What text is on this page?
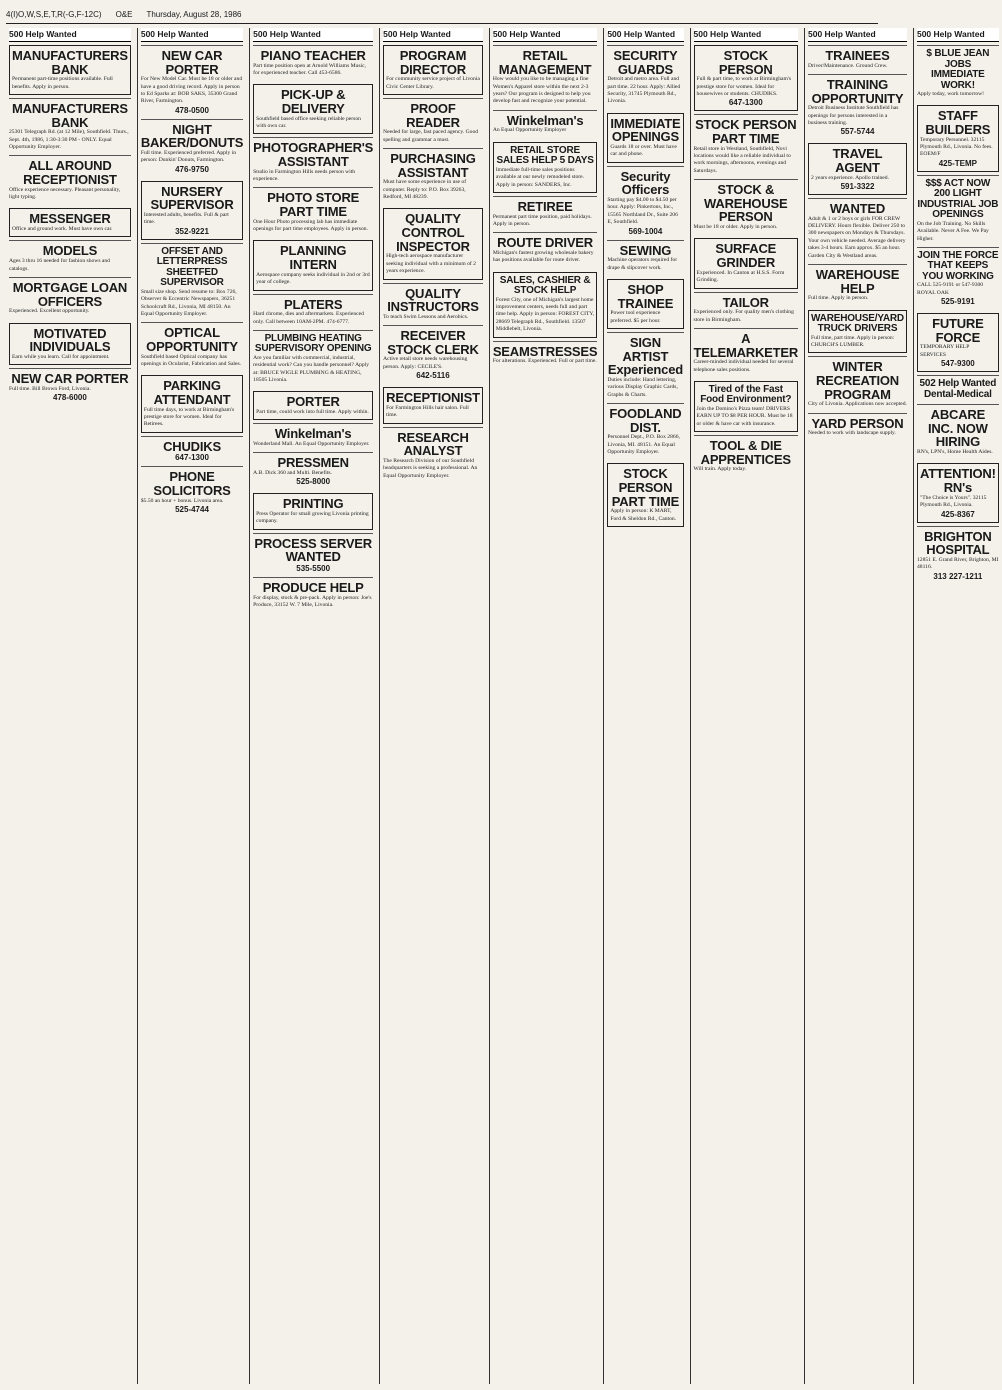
4(I)O,W,S,E,T,R(-G,F-12C) O&E Thursday, August 28, 1986
500 Help Wanted
MANUFACTURERS BANK

Permanent part-time positions available. Full benefits. Apply in person.

MANUFACTURERS BANK

25301 Telegraph Rd. (at 12 Mile), Southfield. Thurs., Sept. 4th, 1986, 1:30-3:30 PM - ONLY. Equal Opportunity Employer.

ALL AROUND RECEPTIONIST

Office experience necessary. Pleasant personality, light typing.

MESSENGER

Office and ground work. Must have own car.

MODELS

Ages 3 thru 16 needed for fashion shows and catalogs.

MORTGAGE LOAN OFFICERS

Experienced. Excellent opportunity.

MOTIVATED INDIVIDUALS

Earn while you learn. Call for appointment.

NEW CAR PORTER

Full time. Bill Brown Ford, Livonia.

478-6000
500 Help Wanted
NEW CAR PORTER

For New Model Car. Must be 18 or older and have a good driving record. Apply in person to Ed Sparks at: BOB SAKS, 35300 Grand River, Farmington.

478-0500
NIGHT BAKER/DONUTS

Full time. Experienced preferred. Apply in person: Dunkin' Donuts, Farmington.

476-9750
NURSERY SUPERVISOR

Interested adults, benefits. Full & part time.

352-9221
OFFSET AND LETTERPRESS SHEETFED SUPERVISOR

Small size shop. Send resume to: Box 726, Observer & Eccentric Newspapers, 36251 Schoolcraft Rd., Livonia, MI 48150. An Equal Opportunity Employer.

OPTICAL OPPORTUNITY

Southfield based Optical company has openings in Ocularist, Fabrication and Sales.

PARKING ATTENDANT

Full time days, to work at Birmingham's prestige store for women. Ideal for Retirees.

CHUDIKS
647-1300
PHONE SOLICITORS

$5.50 an hour + bonus. Livonia area.

525-4744
500 Help Wanted
PIANO TEACHER

Part time position open at Arnold Williams Music, for experienced teacher. Call 453-6586.

PICK-UP & DELIVERY

Southfield based office seeking reliable person with own car.

PHOTOGRAPHER'S ASSISTANT

Studio in Farmington Hills needs person with experience.

PHOTO STORE PART TIME

One Hour Photo processing lab has immediate openings for part time employees. Apply in person.

PLANNING INTERN

Aerospace company seeks individual in 2nd or 3rd year of college.

PLATERS

Hard chrome, dies and aftermarkets. Experienced only. Call between 10AM-2PM. 474-6777.

PLUMBING HEATING SUPERVISORY OPENING

Are you familiar with commercial, industrial, residential work? Can you handle personnel? Apply at: BRUCE WIGLE PLUMBING & HEATING, 18505 Livonia.

PORTER

Part time, could work into full time. Apply within.

Winkelman's

Wonderland Mall. An Equal Opportunity Employer.

PRESSMEN

A.B. Dick 360 and Multi. Benefits.

525-8000
PRINTING

Press Operator for small growing Livonia printing company.

PROCESS SERVER WANTED
535-5500
PRODUCE HELP

For display, stock & pre-pack. Apply in person: Joe's Produce, 33152 W. 7 Mile, Livonia.

500 Help Wanted
PROGRAM DIRECTOR

For community service project of Livonia Civic Center Library.

PROOF READER

Needed for large, fast paced agency. Good spelling and grammar a must.

PURCHASING ASSISTANT

Must have some experience in use of computer. Reply to: P.O. Box 39263, Redford, MI 48239.

QUALITY CONTROL INSPECTOR

High-tech aerospace manufacturer seeking individual with a minimum of 2 years experience.

QUALITY INSTRUCTORS

To teach Swim Lessons and Aerobics.

RECEIVER STOCK CLERK

Active retail store needs warehousing person. Apply: CECILE'S.

642-5116
RECEPTIONIST

For Farmington Hills hair salon. Full time.

RESEARCH ANALYST

The Research Division of our Southfield headquarters is seeking a professional. An Equal Opportunity Employer.

500 Help Wanted
RETAIL MANAGEMENT

How would you like to be managing a fine Women's Apparel store within the next 2-3 years? Our program is designed to help you develop fast and recognize your potential.

Winkelman's

An Equal Opportunity Employer

RETAIL STORE SALES HELP 5 DAYS

Immediate full-time sales positions available at our newly remodeled store. Apply in person: SANDERS, Inc.

RETIREE

Permanent part time position, paid holidays. Apply in person.

ROUTE DRIVER

Michigan's fastest growing wholesale bakery has positions available for route driver.

SALES, CASHIER & STOCK HELP

Forest City, one of Michigan's largest home improvement centers, needs full and part time help. Apply in person: FOREST CITY, 28669 Telegraph Rd., Southfield. 13507 Middlebelt, Livonia.

SEAMSTRESSES

For alterations. Experienced. Full or part time.

500 Help Wanted
SECURITY GUARDS

Detroit and metro area. Full and part time. 22 hour. Apply: Allied Security, 31745 Plymouth Rd., Livonia.

IMMEDIATE OPENINGS

Guards 18 or over. Must have car and phone.

Security Officers

Starting pay $4.00 to $4.50 per hour. Apply: Pinkertons, Inc., 15565 Northland Dr., Suite 206 E, Southfield.

569-1004
SEWING

Machine operators required for drape & slipcover work.

SHOP TRAINEE

Power tool experience preferred. $5 per hour.

SIGN ARTIST Experienced

Duties include: Hand lettering, various Display Graphic Cards, Graphs & Charts.

FOODLAND DIST.

Personnel Dept., P.O. Box 2866, Livonia, MI. 48151. An Equal Opportunity Employer.

STOCK PERSON PART TIME

Apply in person: K MART, Ford & Sheldon Rd., Canton.

500 Help Wanted
STOCK PERSON

Full & part time, to work at Birmingham's prestige store for women. Ideal for housewives or students. CHUDIKS.

647-1300
STOCK PERSON PART TIME

Retail store in Westland, Southfield, Novi locations would like a reliable individual to work mornings, afternoons, evenings and Saturdays.

STOCK & WAREHOUSE PERSON

Must be 18 or older. Apply in person.

SURFACE GRINDER

Experienced. In Canton at H.S.S. Form Grinding.

TAILOR

Experienced only. For quality men's clothing store in Birmingham.

A TELEMARKETER

Career-minded individual needed for several telephone sales positions.

Tired of the Fast Food Environment?

Join the Domino's Pizza team! DRIVERS EARN UP TO $8 PER HOUR. Must be 18 or older & have car with insurance.

TOOL & DIE APPRENTICES

Will train. Apply today.

500 Help Wanted
TRAINEES

Driver/Maintenance. Ground Crew.

TRAINING OPPORTUNITY

Detroit Business Institute Southfield has openings for persons interested in a business training.

557-5744
TRAVEL AGENT

2 years experience. Apollo trained.

591-3322
WANTED

Adult & 1 or 2 boys or girls FOR CREW DELIVERY. Hours flexible. Deliver 250 to 300 newspapers on Mondays & Thursdays. Your own vehicle needed. Average delivery takes 3-4 hours. Earn approx. $5 an hour. Garden City & Westland areas.

WAREHOUSE HELP

Full time. Apply in person.

WAREHOUSE/YARD TRUCK DRIVERS

Full time, part time. Apply in person: CHURCH'S LUMBER.

WINTER RECREATION PROGRAM

City of Livonia. Applications now accepted.

YARD PERSON

Needed to work with landscape supply.

500 Help Wanted
$ BLUE JEAN JOBS IMMEDIATE WORK!

Apply today, work tomorrow!

STAFF BUILDERS

Temporary Personnel. 32115 Plymouth Rd., Livonia. No fees. EOEM/F

425-TEMP
$$$ ACT NOW 200 LIGHT INDUSTRIAL JOB OPENINGS

On the Job Training. No Skills Available. Never A Fee. We Pay Higher.

JOIN THE FORCE THAT KEEPS YOU WORKING

CALL 525-9191 or 547-9300 ROYAL OAK

525-9191
FUTURE FORCE

TEMPORARY HELP SERVICES

547-9300
502 Help Wanted Dental-Medical
ABCARE INC. NOW HIRING

RN's, LPN's, Home Health Aides.

ATTENTION! RN's

"The Choice is Yours". 32115 Plymouth Rd., Livonia.

425-8367
BRIGHTON HOSPITAL

12851 E. Grand River, Brighton, MI 48116.

313 227-1211
